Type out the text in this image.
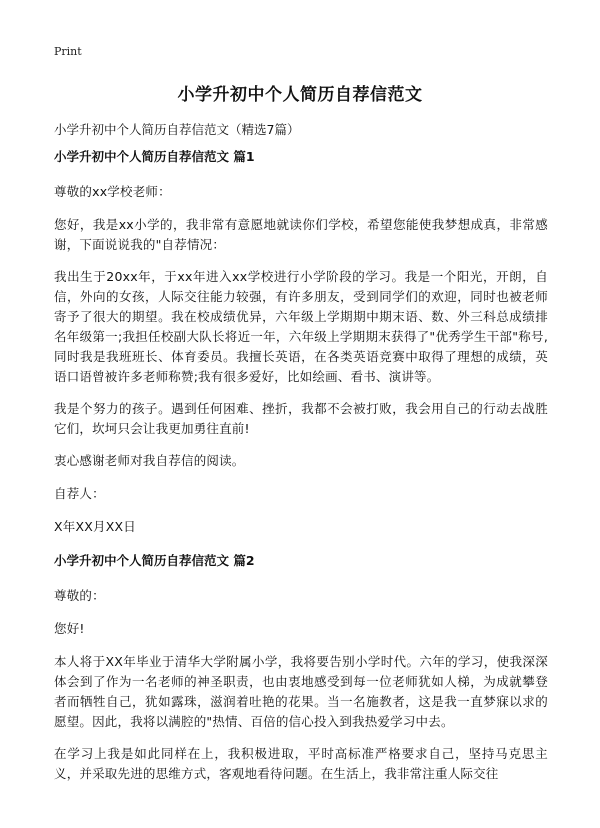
Print
小学升初中个人简历自荐信范文

小学升初中个人简历自荐信范文（精选7篇）

小学升初中个人简历自荐信范文 篇1

尊敬的xx学校老师：

您好，我是xx小学的，我非常有意愿地就读你们学校，希望您能使我梦想成真，非常感谢，下面说说我的"自荐情况：

我出生于20xx年，于xx年进入xx学校进行小学阶段的学习。我是一个阳光，开朗，自信，外向的女孩，人际交往能力较强，有许多朋友，受到同学们的欢迎，同时也被老师寄予了很大的期望。我在校成绩优异，六年级上学期期中期末语、数、外三科总成绩排名年级第一;我担任校副大队长将近一年，六年级上学期期末获得了"优秀学生干部"称号,同时我是我班班长、体育委员。我擅长英语，在各类英语竞赛中取得了理想的成绩，英语口语曾被许多老师称赞;我有很多爱好，比如绘画、看书、演讲等。

我是个努力的孩子。遇到任何困难、挫折，我都不会被打败，我会用自己的行动去战胜它们，坎坷只会让我更加勇往直前!

衷心感谢老师对我自荐信的阅读。

自荐人：

X年XX月XX日

小学升初中个人简历自荐信范文 篇2

尊敬的：

您好!

本人将于XX年毕业于清华大学附属小学，我将要告别小学时代。六年的学习，使我深深体会到了作为一名老师的神圣职责，也由衷地感受到每一位老师犹如人梯，为成就攀登者而牺牲自己，犹如露珠，滋润着吐艳的花果。当一名施教者，这是我一直梦寐以求的愿望。因此，我将以满腔的"热情、百倍的信心投入到我热爱学习中去。

在学习上我是如此同样在上，我积极进取，平时高标准严格要求自己，坚持马克思主义，并采取先进的思维方式，客观地看待问题。在生活上，我非常注重人际交往
